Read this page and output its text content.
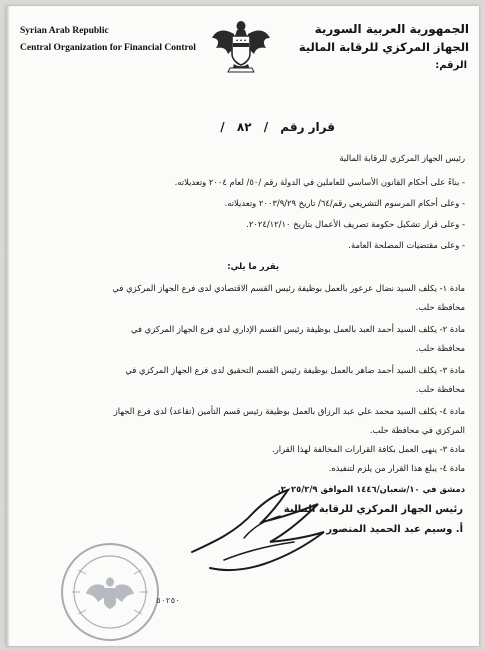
Syrian Arab Republic
Central Organization for Financial Control
الجمهورية العربية السورية
الجهاز المركزي للرقابة المالية
الرقم:
قرار رقم / ٨٢ /
رئيس الجهاز المركزي للرقابة المالية
- بناءً على أحكام القانون الأساسي للعاملين في الدولة رقم /٥٠/ لعام ٢٠٠٤ وتعديلاته.
- وعلى أحكام المرسوم التشريعي رقم/٦٤/ تاريخ ٢٠٠٣/٩/٢٩ وتعديلاته.
- وعلى قرار تشكيل حكومة تصريف الأعمال بتاريخ ٢٠٢٤/١٢/١٠.
- وعلى مقتضيات المصلحة العامة.
يقرر ما يلي:
مادة ١- يكلف السيد نضال عرعور بالعمل بوظيفة رئيس القسم الاقتصادي لدى فرع الجهاز المركزي في
محافظة حلب.
مادة ٢- يكلف السيد أحمد العبد بالعمل بوظيفة رئيس القسم الإداري لدى فرع الجهاز المركزي في
محافظة حلب.
مادة ٣- يكلف السيد أحمد ضاهر بالعمل بوظيفة رئيس القسم التحقيق لدى فرع الجهاز المركزي في
محافظة حلب.
مادة ٤- يكلف السيد محمد علي عبد الرزاق بالعمل بوظيفة رئيس قسم التأمين (تقاعد) لدى فرع الجهاز
المركزي في محافظة حلب.
مادة ٣- ينهى العمل بكافة القرارات المخالفة لهذا القرار.
مادة ٤- يبلغ هذا القرار من يلزم لتنفيذه.
دمشق في ١٠/شعبان/١٤٤٦ الموافق ٢٠٢٥/٢/٩.
رئيس الجهاز المركزي للرقابة المالية
أ. وسيم عبد الحميد المنصور
٥٠٢٥٠
